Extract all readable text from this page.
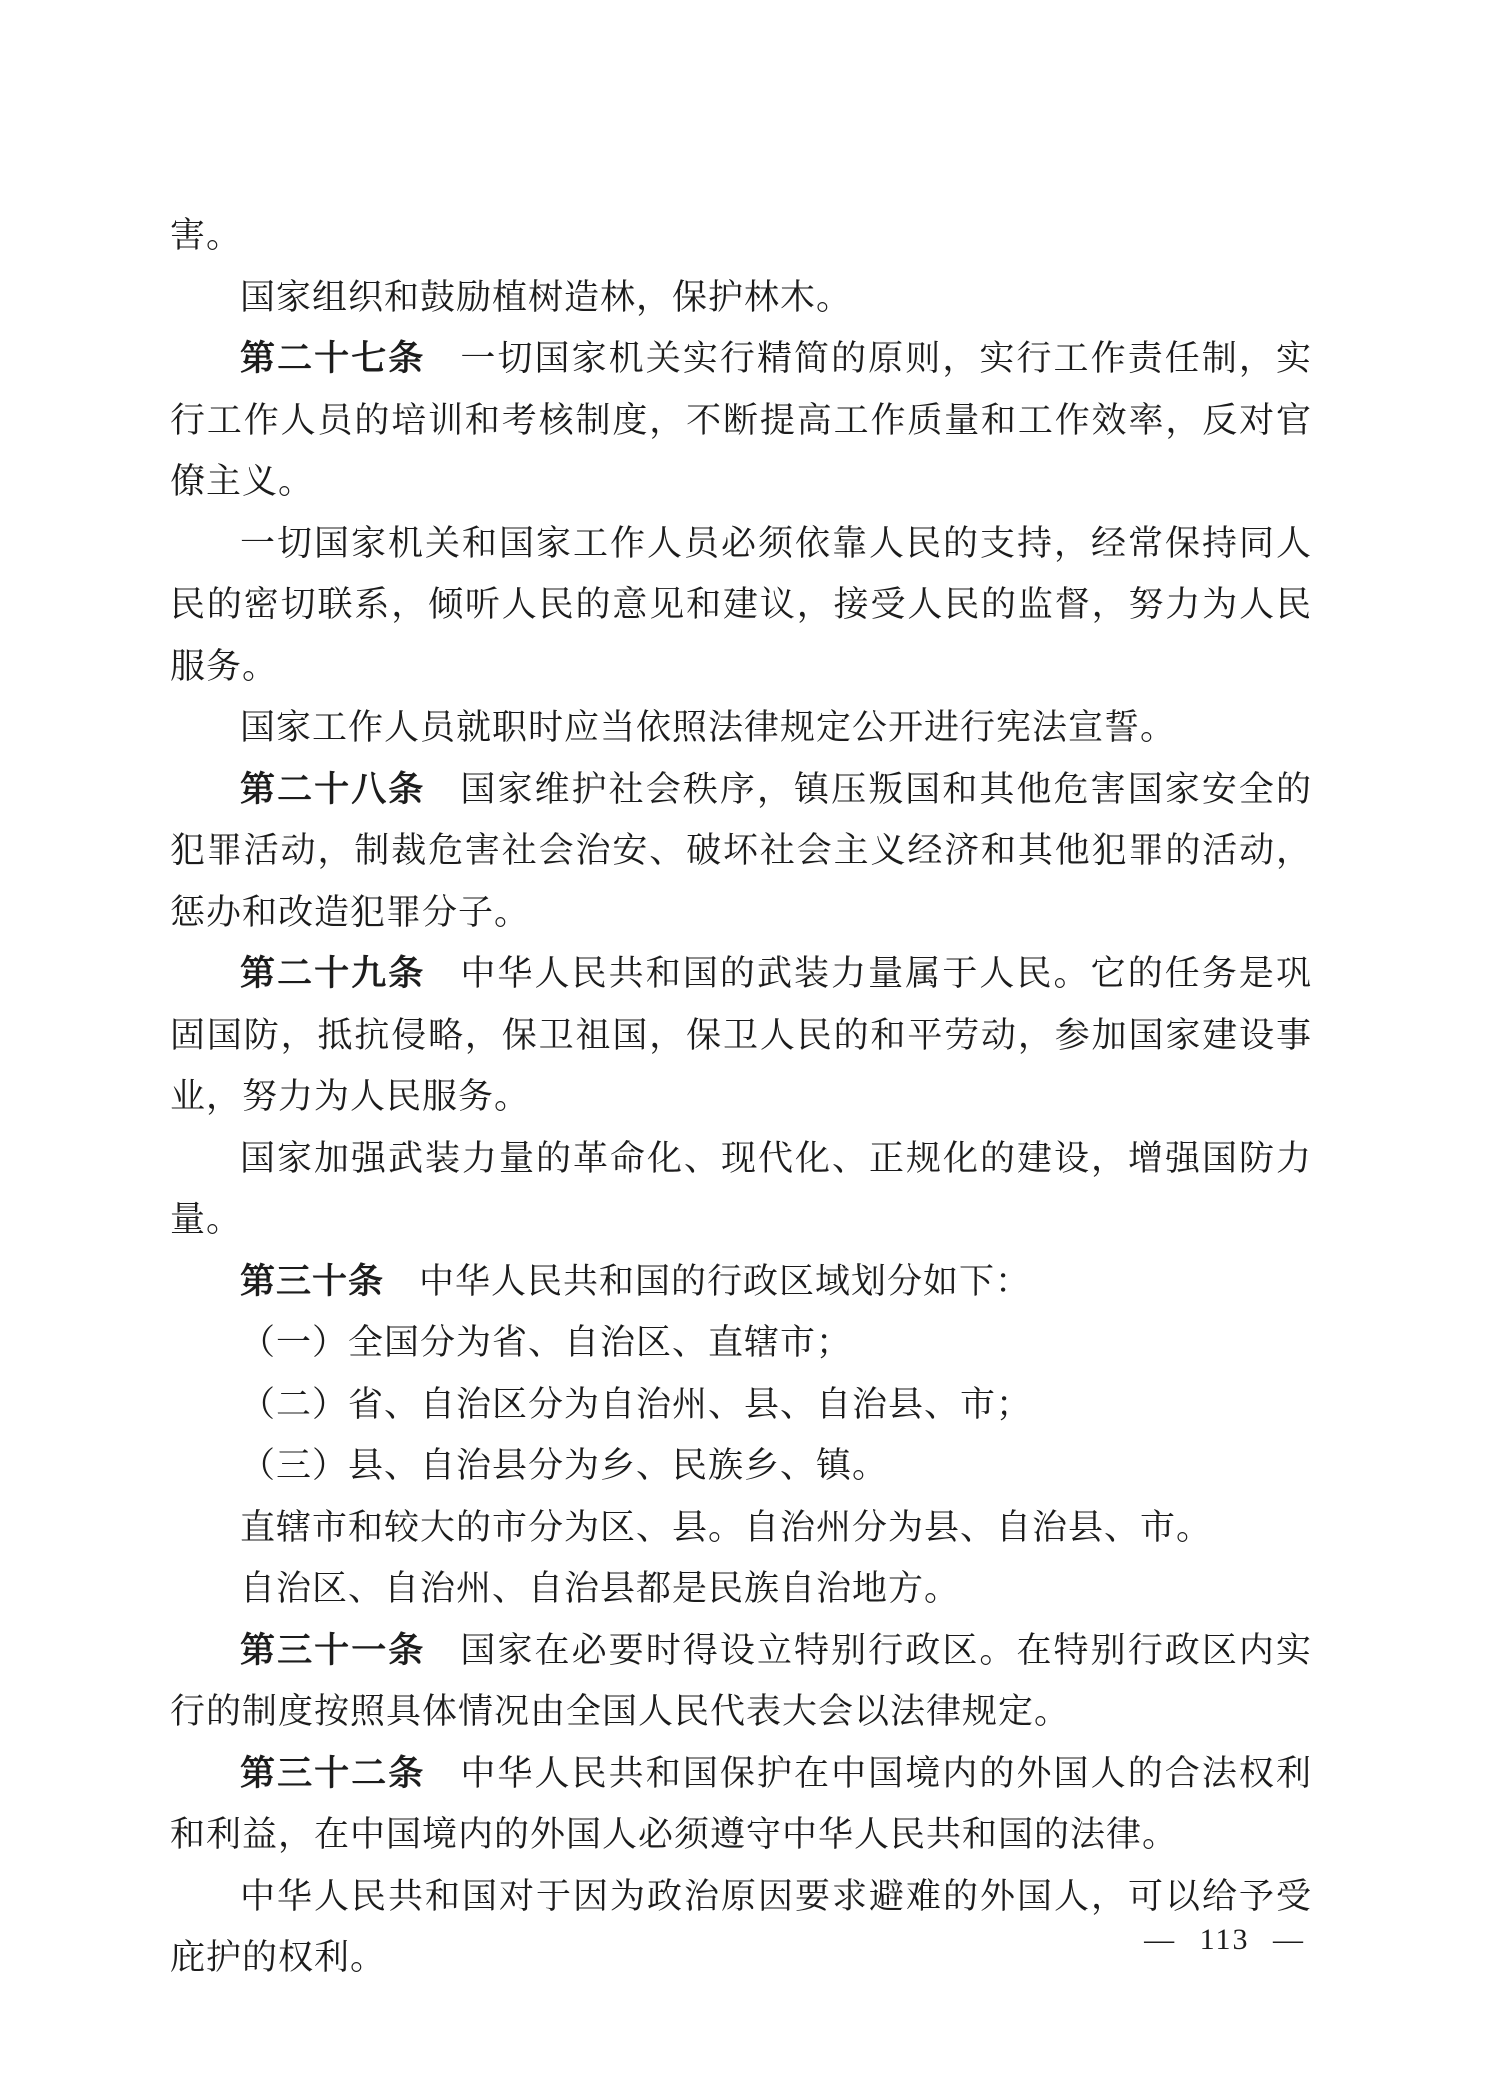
害。

国家组织和鼓励植树造林，保护林木。

第二十七条 一切国家机关实行精简的原则，实行工作责任制，实行工作人员的培训和考核制度，不断提高工作质量和工作效率，反对官僚主义。

一切国家机关和国家工作人员必须依靠人民的支持，经常保持同人民的密切联系，倾听人民的意见和建议，接受人民的监督，努力为人民服务。

国家工作人员就职时应当依照法律规定公开进行宪法宣誓。

第二十八条 国家维护社会秩序，镇压叛国和其他危害国家安全的犯罪活动，制裁危害社会治安、破坏社会主义经济和其他犯罪的活动，惩办和改造犯罪分子。

第二十九条 中华人民共和国的武装力量属于人民。它的任务是巩固国防，抵抗侵略，保卫祖国，保卫人民的和平劳动，参加国家建设事业，努力为人民服务。

国家加强武装力量的革命化、现代化、正规化的建设，增强国防力量。

第三十条 中华人民共和国的行政区域划分如下：

（一）全国分为省、自治区、直辖市；

（二）省、自治区分为自治州、县、自治县、市；

（三）县、自治县分为乡、民族乡、镇。

直辖市和较大的市分为区、县。自治州分为县、自治县、市。

自治区、自治州、自治县都是民族自治地方。

第三十一条 国家在必要时得设立特别行政区。在特别行政区内实行的制度按照具体情况由全国人民代表大会以法律规定。

第三十二条 中华人民共和国保护在中国境内的外国人的合法权利和利益，在中国境内的外国人必须遵守中华人民共和国的法律。

中华人民共和国对于因为政治原因要求避难的外国人，可以给予受庇护的权利。	— 113 —
